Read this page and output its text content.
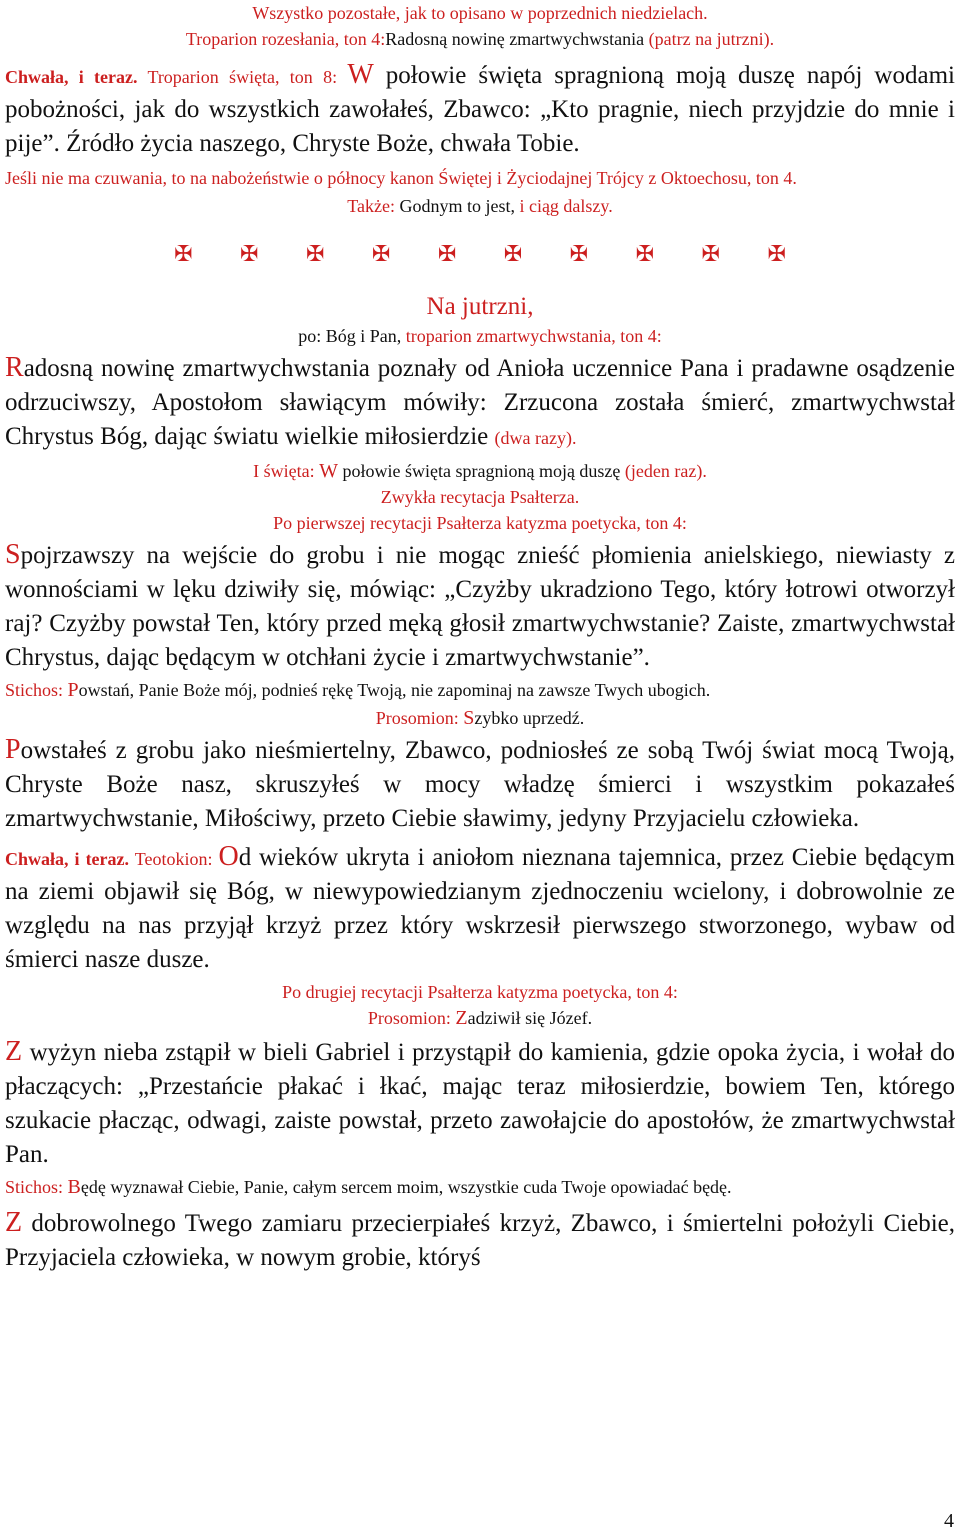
Wszystko pozostałe, jak to opisano w poprzednich niedzielach.

Troparion rozesłania, ton 4:Radosną nowinę zmartwychwstania (patrz na jutrzni).

Chwała, i teraz. Troparion święta, ton 8: W połowie święta spragnioną moją duszę napój wodami pobożności, jak do wszystkich zawołałeś, Zbawco: „Kto pragnie, niech przyjdzie do mnie i pije”. Źródło życia naszego, Chryste Boże, chwała Tobie.

Jeśli nie ma czuwania, to na nabożeństwie o północy kanon Świętej i Życiodajnej Trójcy z Oktoechosu, ton 4.

Także: Godnym to jest, i ciąg dalszy.

✠ ✠ ✠ ✠ ✠ ✠ ✠ ✠ ✠ ✠

Na jutrzni,

po: Bóg i Pan, troparion zmartwychwstania, ton 4:

Radosną nowinę zmartwychwstania poznały od Anioła uczennice Pana i pradawne osądzenie odrzuciwszy, Apostołom sławiącym mówiły: Zrzucona została śmierć, zmartwychwstał Chrystus Bóg, dając światu wielkie miłosierdzie (dwa razy).

I święta: W połowie święta spragnioną moją duszę (jeden raz).

Zwykła recytacja Psałterza.

Po pierwszej recytacji Psałterza katyzma poetycka, ton 4:

Spojrzawszy na wejście do grobu i nie mogąc znieść płomienia anielskiego, niewiasty z wonnościami w lęku dziwiły się, mówiąc: „Czyżby ukradziono Tego, który łotrowi otworzył raj? Czyżby powstał Ten, który przed męką głosił zmartwychwstanie? Zaiste, zmartwychwstał Chrystus, dając będącym w otchłani życie i zmartwychwstanie”.

Stichos: Powstań, Panie Boże mój, podnieś rękę Twoją, nie zapominaj na zawsze Twych ubogich.

Prosomion: Szybko uprzedź.

Powstałeś z grobu jako nieśmiertelny, Zbawco, podniosłeś ze sobą Twój świat mocą Twoją, Chryste Boże nasz, skruszyłeś w mocy władzę śmierci i wszystkim pokazałeś zmartwychwstanie, Miłościwy, przeto Ciebie sławimy, jedyny Przyjacielu człowieka.

Chwała, i teraz. Teotokion: Od wieków ukryta i aniołom nieznana tajemnica, przez Ciebie będącym na ziemi objawił się Bóg, w niewypowiedzianym zjednoczeniu wcielony, i dobrowolnie ze względu na nas przyjął krzyż przez który wskrzesił pierwszego stworzonego, wybaw od śmierci nasze dusze.

Po drugiej recytacji Psałterza katyzma poetycka, ton 4:

Prosomion: Zadziwił się Józef.

Z wyżyn nieba zstąpił w bieli Gabriel i przystąpił do kamienia, gdzie opoka życia, i wołał do płaczących: „Przestańcie płakać i łkać, mając teraz miłosierdzie, bowiem Ten, którego szukacie płacząc, odwagi, zaiste powstał, przeto zawołajcie do apostołów, że zmartwychwstał Pan.

Stichos: Będę wyznawał Ciebie, Panie, całym sercem moim, wszystkie cuda Twoje opowiadać będę.

Z dobrowolnego Twego zamiaru przecierpiałeś krzyż, Zbawco, i śmiertelni położyli Ciebie, Przyjaciela człowieka, w nowym grobie, któryś

4
